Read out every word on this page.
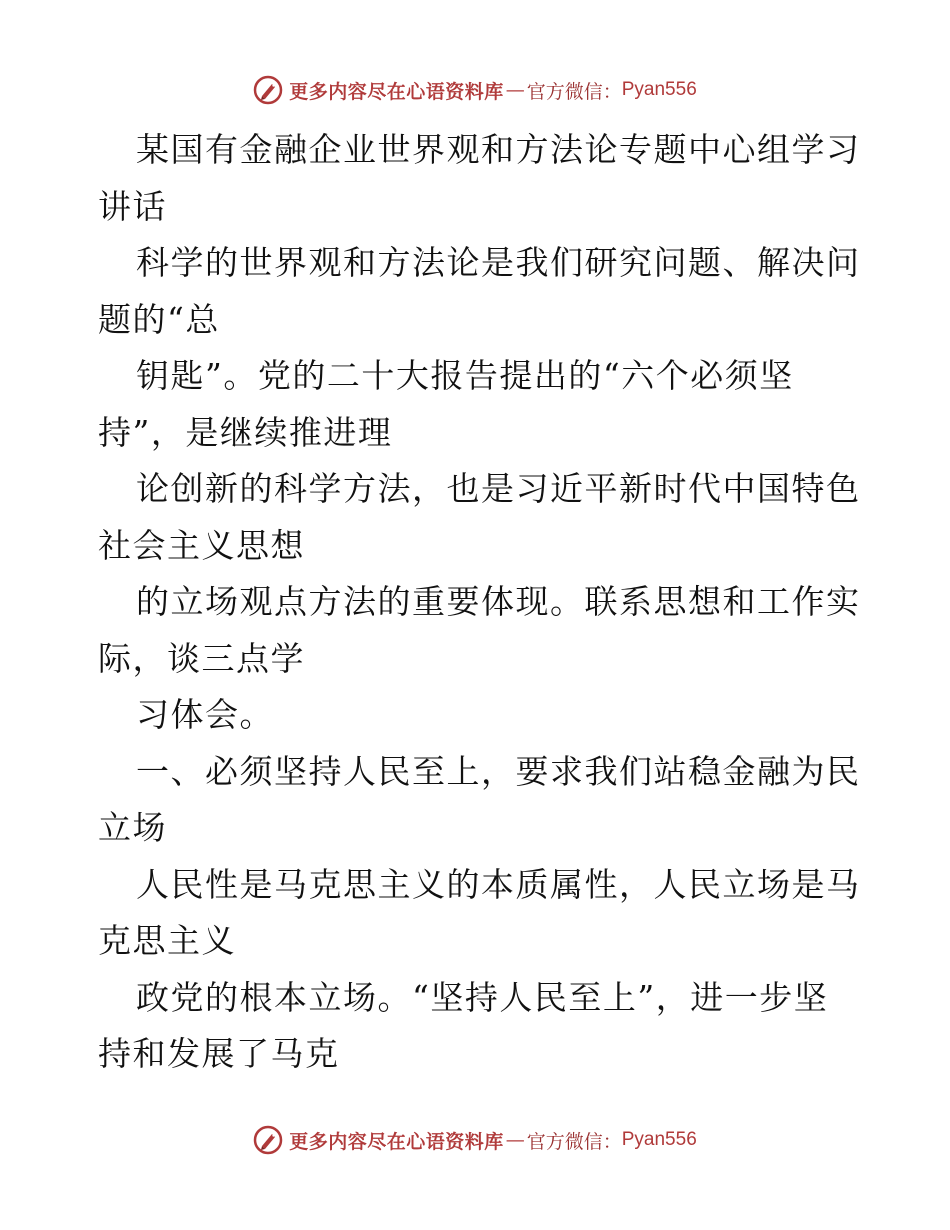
更多内容尽在心语资料库 — 官方微信： Pyan556
某国有金融企业世界观和方法论专题中心组学习
讲话
科学的世界观和方法论是我们研究问题、解决问
题的“总
钥匙”。党的二十大报告提出的“六个必须坚
持”，是继续推进理
论创新的科学方法，也是习近平新时代中国特色
社会主义思想
的立场观点方法的重要体现。联系思想和工作实
际，谈三点学
习体会。
一、必须坚持人民至上，要求我们站稳金融为民
立场
人民性是马克思主义的本质属性，人民立场是马
克思主义
政党的根本立场。“坚持人民至上”，进一步坚
持和发展了马克
更多内容尽在心语资料库 — 官方微信： Pyan556
